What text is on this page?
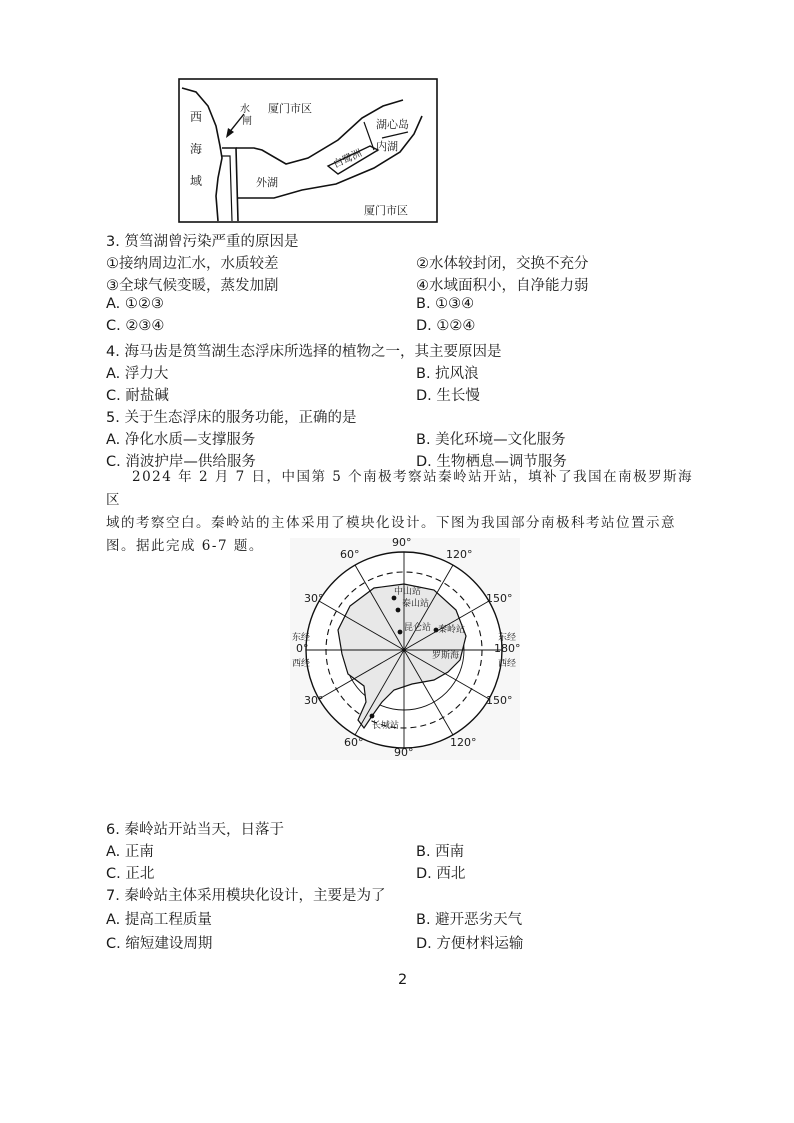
西
海
域
水
闸
厦门市区
湖心岛
内湖
白鹭洲
外湖
厦门市区
3. 筼筜湖曾污染严重的原因是
①接纳周边汇水，水质较差	②水体较封闭，交换不充分
③全球气候变暖，蒸发加剧	④水域面积小，自净能力弱
A. ①②③	B. ①③④
C. ②③④	D. ①②④
4. 海马齿是筼筜湖生态浮床所选择的植物之一，其主要原因是
A. 浮力大	B. 抗风浪
C. 耐盐碱	D. 生长慢
5. 关于生态浮床的服务功能，正确的是
A. 净化水质—支撑服务	B. 美化环境—文化服务
C. 消波护岸—供给服务	D. 生物栖息—调节服务
2024 年 2 月 7 日，中国第 5 个南极考察站秦岭站开站，填补了我国在南极罗斯海区
域的考察空白。秦岭站的主体采用了模块化设计。下图为我国部分南极科考站位置示意
图。据此完成 6-7 题。
60°
90°
120°
30°	150°
东经
0°
西经
东经
180°
西经
30°	150°
60°
90°
120°
中山站
泰山站
昆仑站 秦岭站
罗斯海
长城站
6. 秦岭站开站当天，日落于
A. 正南	B. 西南
C. 正北	D. 西北
7. 秦岭站主体采用模块化设计，主要是为了
A. 提高工程质量	B. 避开恶劣天气
C. 缩短建设周期	D. 方便材料运输
2
